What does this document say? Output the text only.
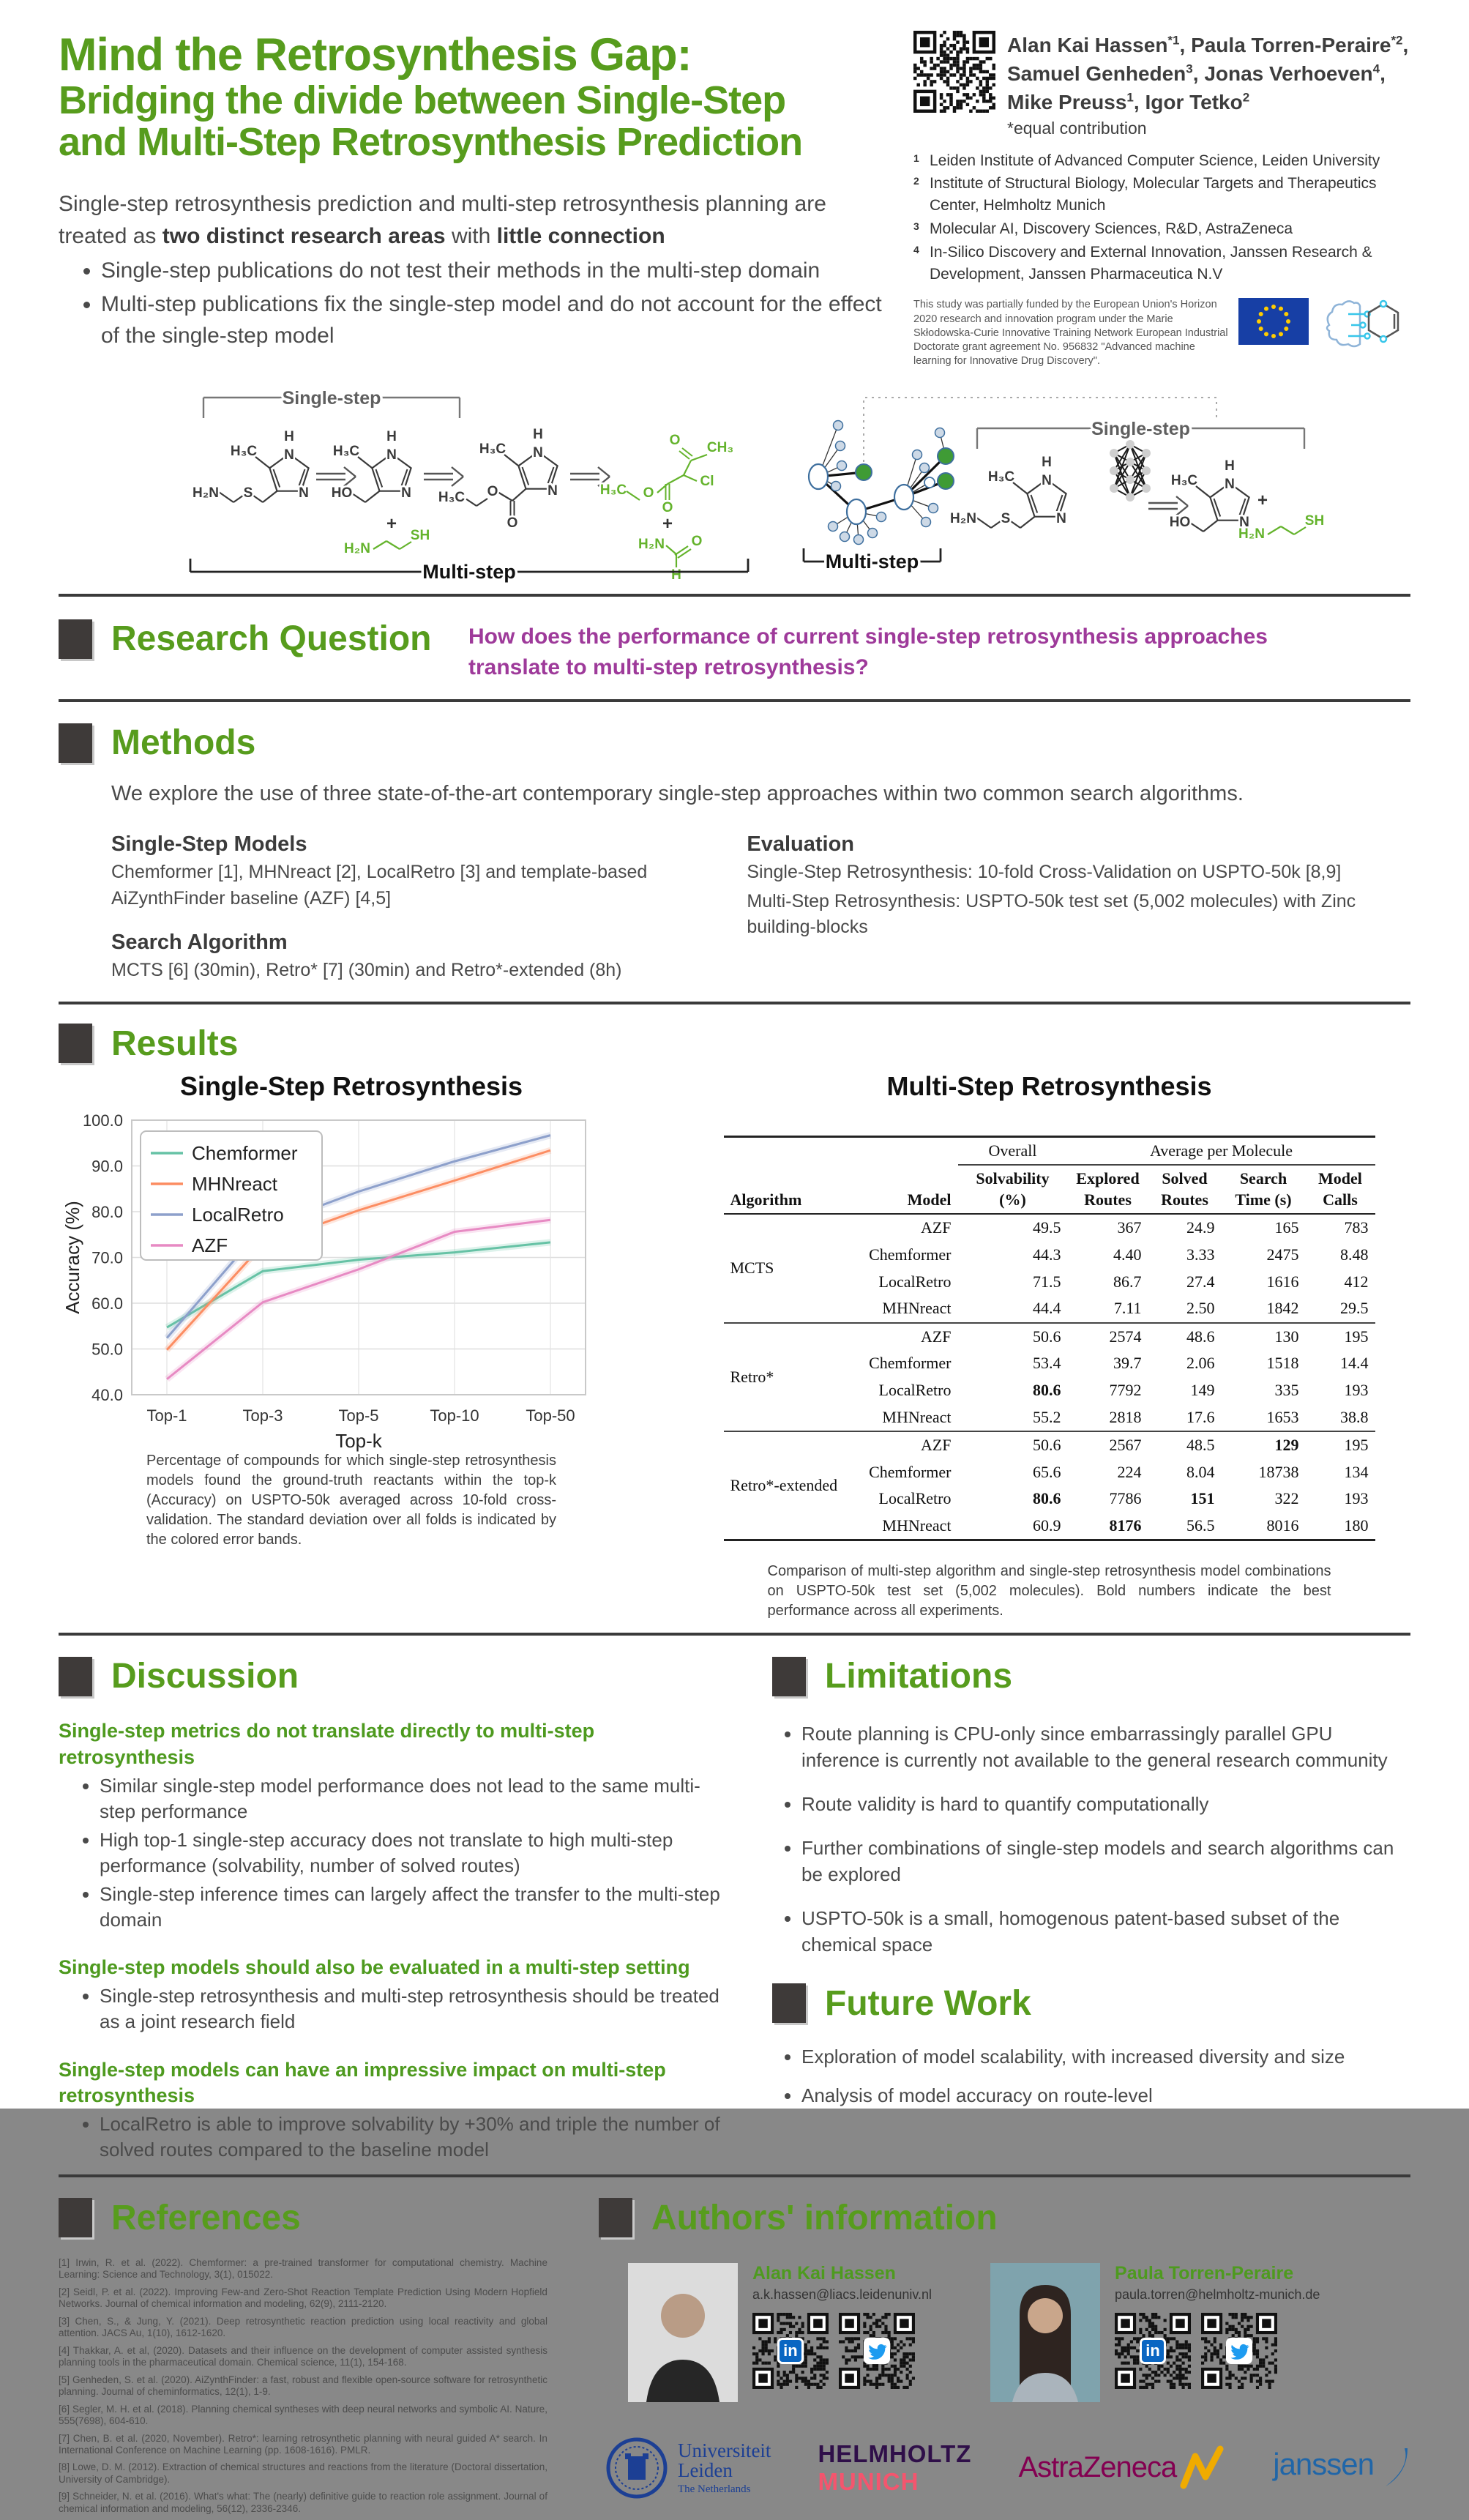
Mind the Retrosynthesis Gap:
Bridging the divide between Single-Step
and Multi-Step Retrosynthesis Prediction
Single-step retrosynthesis prediction and multi-step retrosynthesis planning are treated as two distinct research areas with little connection
• Single-step publications do not test their methods in the multi-step domain
• Multi-step publications fix the single-step model and do not account for the effect of the single-step model
Alan Kai Hassen$^{*1}$, Paula Torren-Peraire$^{*2}$,
Samuel Genheden$^3$, Jonas Verhoeven$^4$,
Mike Preuss$^1$, Igor Tetko$^2$
*equal contribution
1 Leiden Institute of Advanced Computer Science, Leiden University
2 Institute of Structural Biology, Molecular Targets and Therapeutics Center, Helmholtz Munich
3 Molecular AI, Discovery Sciences, R&D, AstraZeneca
4 In-Silico Discovery and External Innovation, Janssen Research & Development, Janssen Pharmaceutica N.V
This study was partially funded by the European Union's Horizon 2020 research and innovation program under the Marie Skłodowska-Curie Innovative Training Network European Industrial Doctorate grant agreement No. 956832 "Advanced machine learning for Innovative Drug Discovery".
Single-step
N
H
N
H₃C
S
H₂N
N
H
N
H₃C
HO
+
H₂N
SH
N
H
N
H₃C
O
O
H₃C	H₃C O
O
Cl
O CH₃
+
H₂N O
H
Multi-step
Single-step
N
H
N
H₃C
S
H₂N
N
H
N
H₃C
HO
+
H₂N
SH
Multi-step
Research Question How does the performance of current single-step retrosynthesis approaches translate to multi-step retrosynthesis?
Methods
We explore the use of three state-of-the-art contemporary single-step approaches within two common search algorithms.
Single-Step Models
Chemformer [1], MHNreact [2], LocalRetro [3] and template-based AiZynthFinder baseline (AZF) [4,5]
Search Algorithm
MCTS [6] (30min), Retro* [7] (30min) and Retro*-extended (8h)
Evaluation
Single-Step Retrosynthesis: 10-fold Cross-Validation on USPTO-50k [8,9]
Multi-Step Retrosynthesis: USPTO-50k test set (5,002 molecules) with Zinc building-blocks
Results
Single-Step Retrosynthesis
40.0
50.0
60.0
70.0
80.0
90.0
100.0
Top-1	Top-3	Top-5	Top-10	Top-50
Top-k
Accuracy (%)
Chemformer
MHNreact
LocalRetro
AZF
Percentage of compounds for which single-step retrosynthesis models found the ground-truth reactants within the top-k (Accuracy) on USPTO-50k averaged across 10-fold cross-validation. The standard deviation over all folds is indicated by the colored error bands.
Multi-Step Retrosynthesis
		Overall	Average per Molecule			
Algorithm	Model	Solvability (%)	Explored Routes	Solved Routes	Search Time (s)	Model Calls
MCTS	AZF	49.5	367	24.9	165	783
	Chemformer	44.3	4.40	3.33	2475	8.48
	LocalRetro	71.5	86.7	27.4	1616	412
	MHNreact	44.4	7.11	2.50	1842	29.5
Retro*	AZF	50.6	2574	48.6	130	195
	Chemformer	53.4	39.7	2.06	1518	14.4
	LocalRetro	80.6	7792	149	335	193
	MHNreact	55.2	2818	17.6	1653	38.8
Retro*-extended	AZF	50.6	2567	48.5	129	195
	Chemformer	65.6	224	8.04	18738	134
	LocalRetro	80.6	7786	151	322	193
	MHNreact	60.9	8176	56.5	8016	180
Comparison of multi-step algorithm and single-step retrosynthesis model combinations on USPTO-50k test set (5,002 molecules). Bold numbers indicate the best performance across all experiments.
Discussion
Single-step metrics do not translate directly to multi-step retrosynthesis
• Similar single-step model performance does not lead to the same multi-step performance
• High top-1 single-step accuracy does not translate to high multi-step performance (solvability, number of solved routes)
• Single-step inference times can largely affect the transfer to the multi-step domain
Single-step models should also be evaluated in a multi-step setting
• Single-step retrosynthesis and multi-step retrosynthesis should be treated as a joint research field
Single-step models can have an impressive impact on multi-step retrosynthesis
• LocalRetro is able to improve solvability by +30% and triple the number of solved routes compared to the baseline model
Limitations
• Route planning is CPU-only since embarrassingly parallel GPU inference is currently not available to the general research community
• Route validity is hard to quantify computationally
• Further combinations of single-step models and search algorithms can be explored
• USPTO-50k is a small, homogenous patent-based subset of the chemical space
Future Work
• Exploration of model scalability, with increased diversity and size
• Analysis of model accuracy on route-level
References
[1] Irwin, R. et al. (2022). Chemformer: a pre-trained transformer for computational chemistry. Machine Learning: Science and Technology, 3(1), 015022.
[2] Seidl, P. et al. (2022). Improving Few-and Zero-Shot Reaction Template Prediction Using Modern Hopfield Networks. Journal of chemical information and modeling, 62(9), 2111-2120.
[3] Chen, S., & Jung, Y. (2021). Deep retrosynthetic reaction prediction using local reactivity and global attention. JACS Au, 1(10), 1612-1620.
[4] Thakkar, A. et al, (2020). Datasets and their influence on the development of computer assisted synthesis planning tools in the pharmaceutical domain. Chemical science, 11(1), 154-168.
[5] Genheden, S. et al. (2020). AiZynthFinder: a fast, robust and flexible open-source software for retrosynthetic planning. Journal of cheminformatics, 12(1), 1-9.
[6] Segler, M. H. et al. (2018). Planning chemical syntheses with deep neural networks and symbolic AI. Nature, 555(7698), 604-610.
[7] Chen, B. et al. (2020, November). Retro*: learning retrosynthetic planning with neural guided A* search. In International Conference on Machine Learning (pp. 1608-1616). PMLR.
[8] Lowe, D. M. (2012). Extraction of chemical structures and reactions from the literature (Doctoral dissertation, University of Cambridge).
[9] Schneider, N. et al. (2016). What's what: The (nearly) definitive guide to reaction role assignment. Journal of chemical information and modeling, 56(12), 2336-2346.
Authors' information
Alan Kai Hassen
a.k.hassen@liacs.leidenuniv.nl
in
Paula Torren-Peraire
paula.torren@helmholtz-munich.de
in
Universiteit
Leiden
The Netherlands
HELMHOLTZ
MUNICH	AstraZeneca	janssen
